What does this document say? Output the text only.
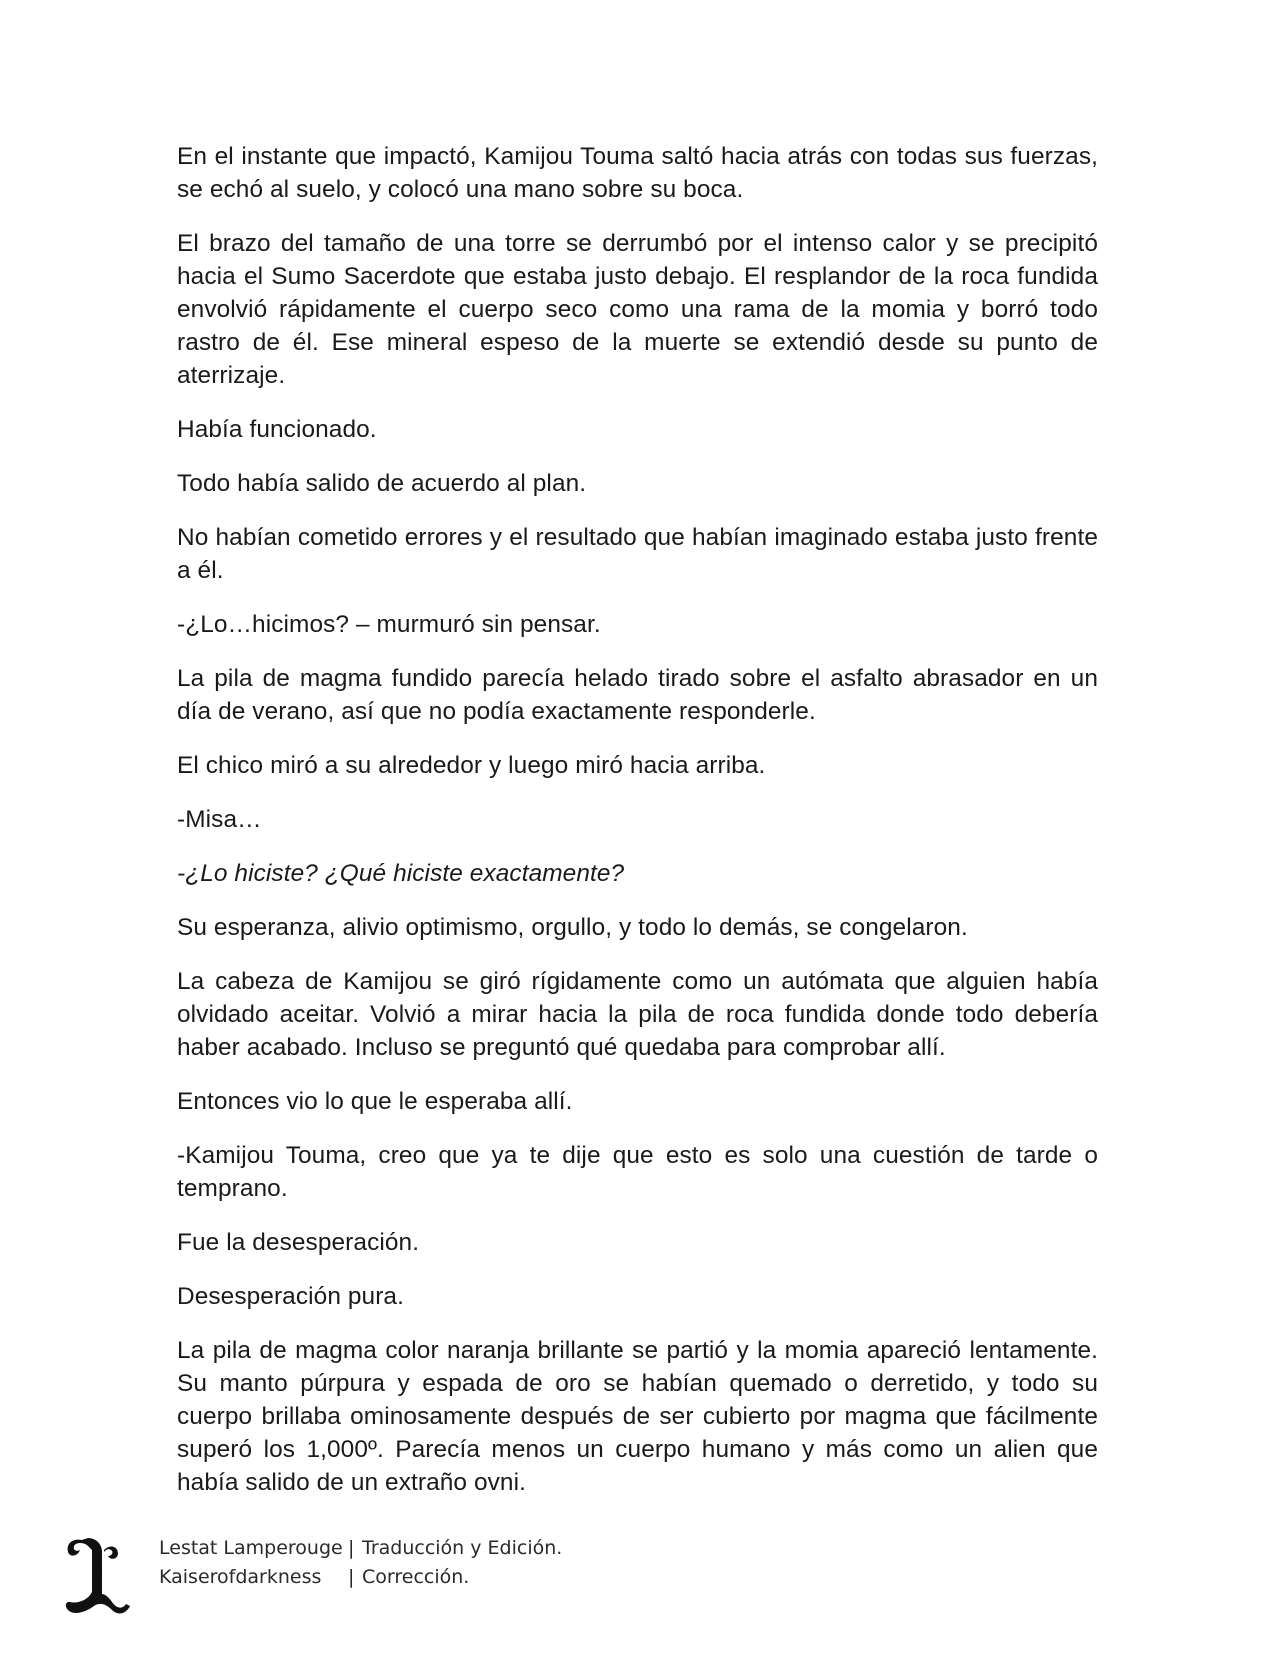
En el instante que impactó, Kamijou Touma saltó hacia atrás con todas sus fuerzas, se echó al suelo, y colocó una mano sobre su boca.

El brazo del tamaño de una torre se derrumbó por el intenso calor y se precipitó hacia el Sumo Sacerdote que estaba justo debajo. El resplandor de la roca fundida envolvió rápidamente el cuerpo seco como una rama de la momia y borró todo rastro de él. Ese mineral espeso de la muerte se extendió desde su punto de aterrizaje.

Había funcionado.

Todo había salido de acuerdo al plan.

No habían cometido errores y el resultado que habían imaginado estaba justo frente a él.

-¿Lo…hicimos? – murmuró sin pensar.

La pila de magma fundido parecía helado tirado sobre el asfalto abrasador en un día de verano, así que no podía exactamente responderle.

El chico miró a su alrededor y luego miró hacia arriba.

-Misa…

-¿Lo hiciste? ¿Qué hiciste exactamente?

Su esperanza, alivio optimismo, orgullo, y todo lo demás, se congelaron.

La cabeza de Kamijou se giró rígidamente como un autómata que alguien había olvidado aceitar. Volvió a mirar hacia la pila de roca fundida donde todo debería haber acabado. Incluso se preguntó qué quedaba para comprobar allí.

Entonces vio lo que le esperaba allí.

-Kamijou Touma, creo que ya te dije que esto es solo una cuestión de tarde o temprano.

Fue la desesperación.

Desesperación pura.

La pila de magma color naranja brillante se partió y la momia apareció lentamente. Su manto púrpura y espada de oro se habían quemado o derretido, y todo su cuerpo brillaba ominosamente después de ser cubierto por magma que fácilmente superó los 1,000º. Parecía menos un cuerpo humano y más como un alien que había salido de un extraño ovni.

Lestat Lamperouge | Traducción y Edición.
Kaiserofdarkness	| Corrección.
